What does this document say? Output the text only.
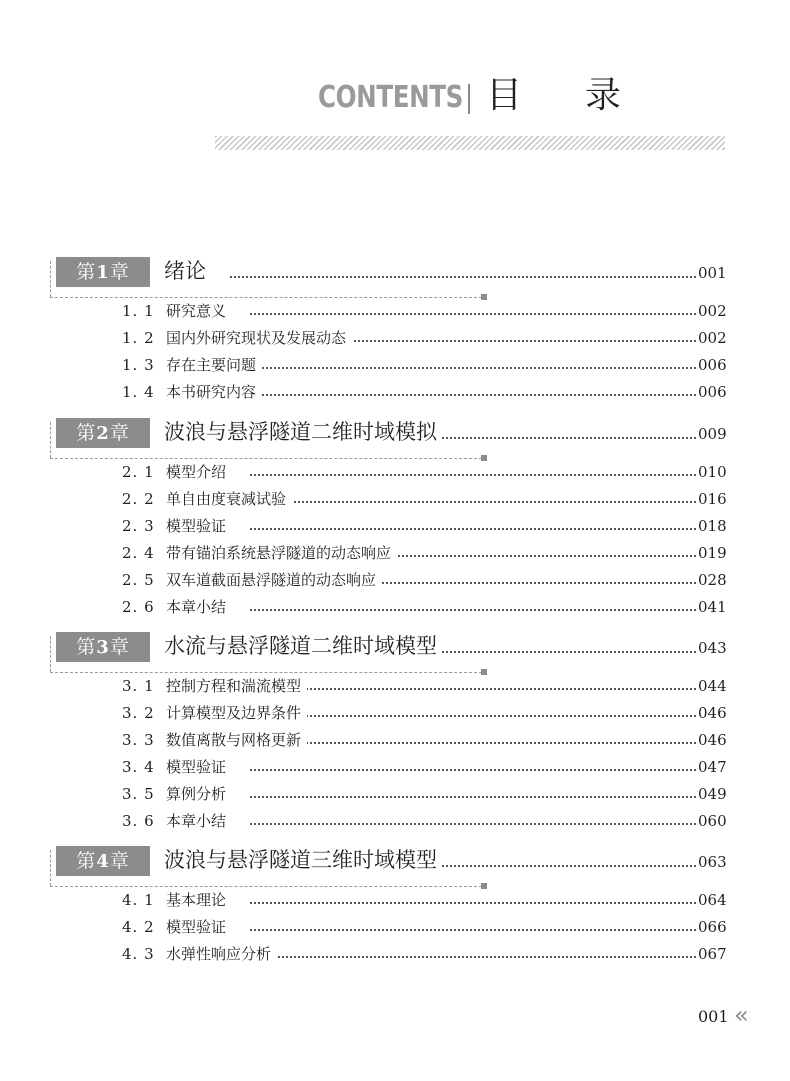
CONTENTS 目 录
第1章	绪论	001
1. 1 研究意义	002
1. 2 国内外研究现状及发展动态	002
1. 3 存在主要问题	006
1. 4 本书研究内容	006
第2章	波浪与悬浮隧道二维时域模拟	009
2. 1 模型介绍	010
2. 2 单自由度衰减试验	016
2. 3 模型验证	018
2. 4 带有锚泊系统悬浮隧道的动态响应	019
2. 5 双车道截面悬浮隧道的动态响应	028
2. 6 本章小结	041
第3章	水流与悬浮隧道二维时域模型	043
3. 1 控制方程和湍流模型	044
3. 2 计算模型及边界条件	046
3. 3 数值离散与网格更新	046
3. 4 模型验证	047
3. 5 算例分析	049
3. 6 本章小结	060
第4章	波浪与悬浮隧道三维时域模型	063
4. 1 基本理论	064
4. 2 模型验证	066
4. 3 水弹性响应分析	067
001 «
